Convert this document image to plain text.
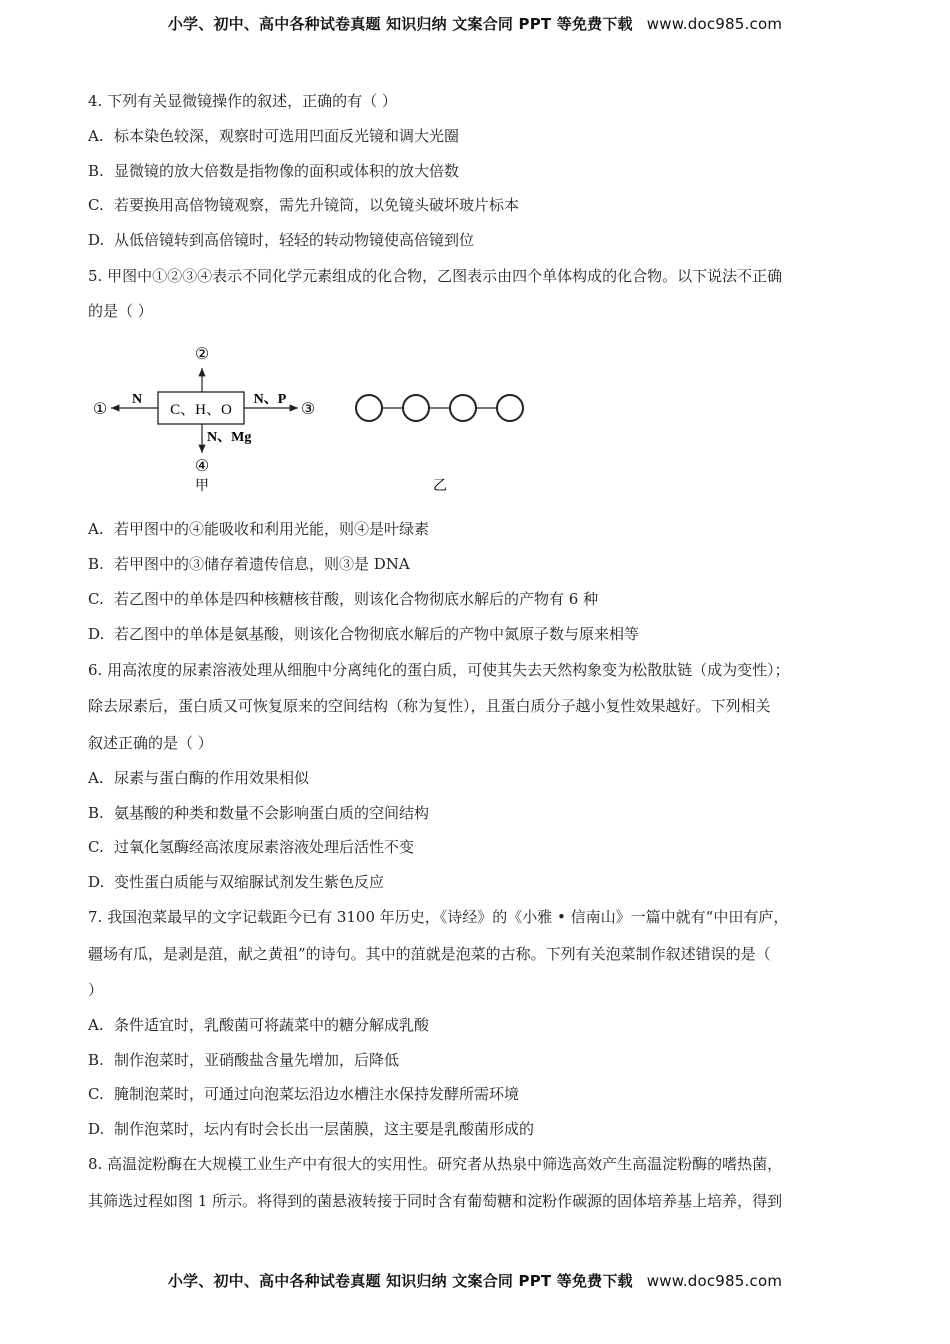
小学、初中、高中各种试卷真题 知识归纳 文案合同 PPT 等免费下载 www.doc985.com
4. 下列有关显微镜操作的叙述，正确的有（ ）
A. 标本染色较深，观察时可选用凹面反光镜和调大光圈
B. 显微镜的放大倍数是指物像的面积或体积的放大倍数
C. 若要换用高倍物镜观察，需先升镜筒，以免镜头破坏玻片标本
D. 从低倍镜转到高倍镜时，轻轻的转动物镜使高倍镜到位
5. 甲图中①②③④表示不同化学元素组成的化合物，乙图表示由四个单体构成的化合物。以下说法不正确
的是（ ）
C、H、O
②
N
①
N、P
③
N、Mg
④
甲	乙
A. 若甲图中的④能吸收和利用光能，则④是叶绿素
B. 若甲图中的③储存着遗传信息，则③是 DNA
C. 若乙图中的单体是四种核糖核苷酸，则该化合物彻底水解后的产物有 6 种
D. 若乙图中的单体是氨基酸，则该化合物彻底水解后的产物中氮原子数与原来相等
6. 用高浓度的尿素溶液处理从细胞中分离纯化的蛋白质，可使其失去天然构象变为松散肽链（成为变性）；
除去尿素后，蛋白质又可恢复原来的空间结构（称为复性），且蛋白质分子越小复性效果越好。下列相关
叙述正确的是（ ）
A. 尿素与蛋白酶的作用效果相似
B. 氨基酸的种类和数量不会影响蛋白质的空间结构
C. 过氧化氢酶经高浓度尿素溶液处理后活性不变
D. 变性蛋白质能与双缩脲试剂发生紫色反应
7. 我国泡菜最早的文字记载距今已有 3100 年历史，《诗经》的《小雅 • 信南山》一篇中就有“中田有庐，
疆场有瓜，是剥是菹，献之黄祖”的诗句。其中的菹就是泡菜的古称。下列有关泡菜制作叙述错误的是（
）
A. 条件适宜时，乳酸菌可将蔬菜中的糖分解成乳酸
B. 制作泡菜时，亚硝酸盐含量先增加，后降低
C. 腌制泡菜时，可通过向泡菜坛沿边水槽注水保持发酵所需环境
D. 制作泡菜时，坛内有时会长出一层菌膜，这主要是乳酸菌形成的
8. 高温淀粉酶在大规模工业生产中有很大的实用性。研究者从热泉中筛选高效产生高温淀粉酶的嗜热菌，
其筛选过程如图 1 所示。将得到的菌悬液转接于同时含有葡萄糖和淀粉作碳源的固体培养基上培养，得到
小学、初中、高中各种试卷真题 知识归纳 文案合同 PPT 等免费下载 www.doc985.com
